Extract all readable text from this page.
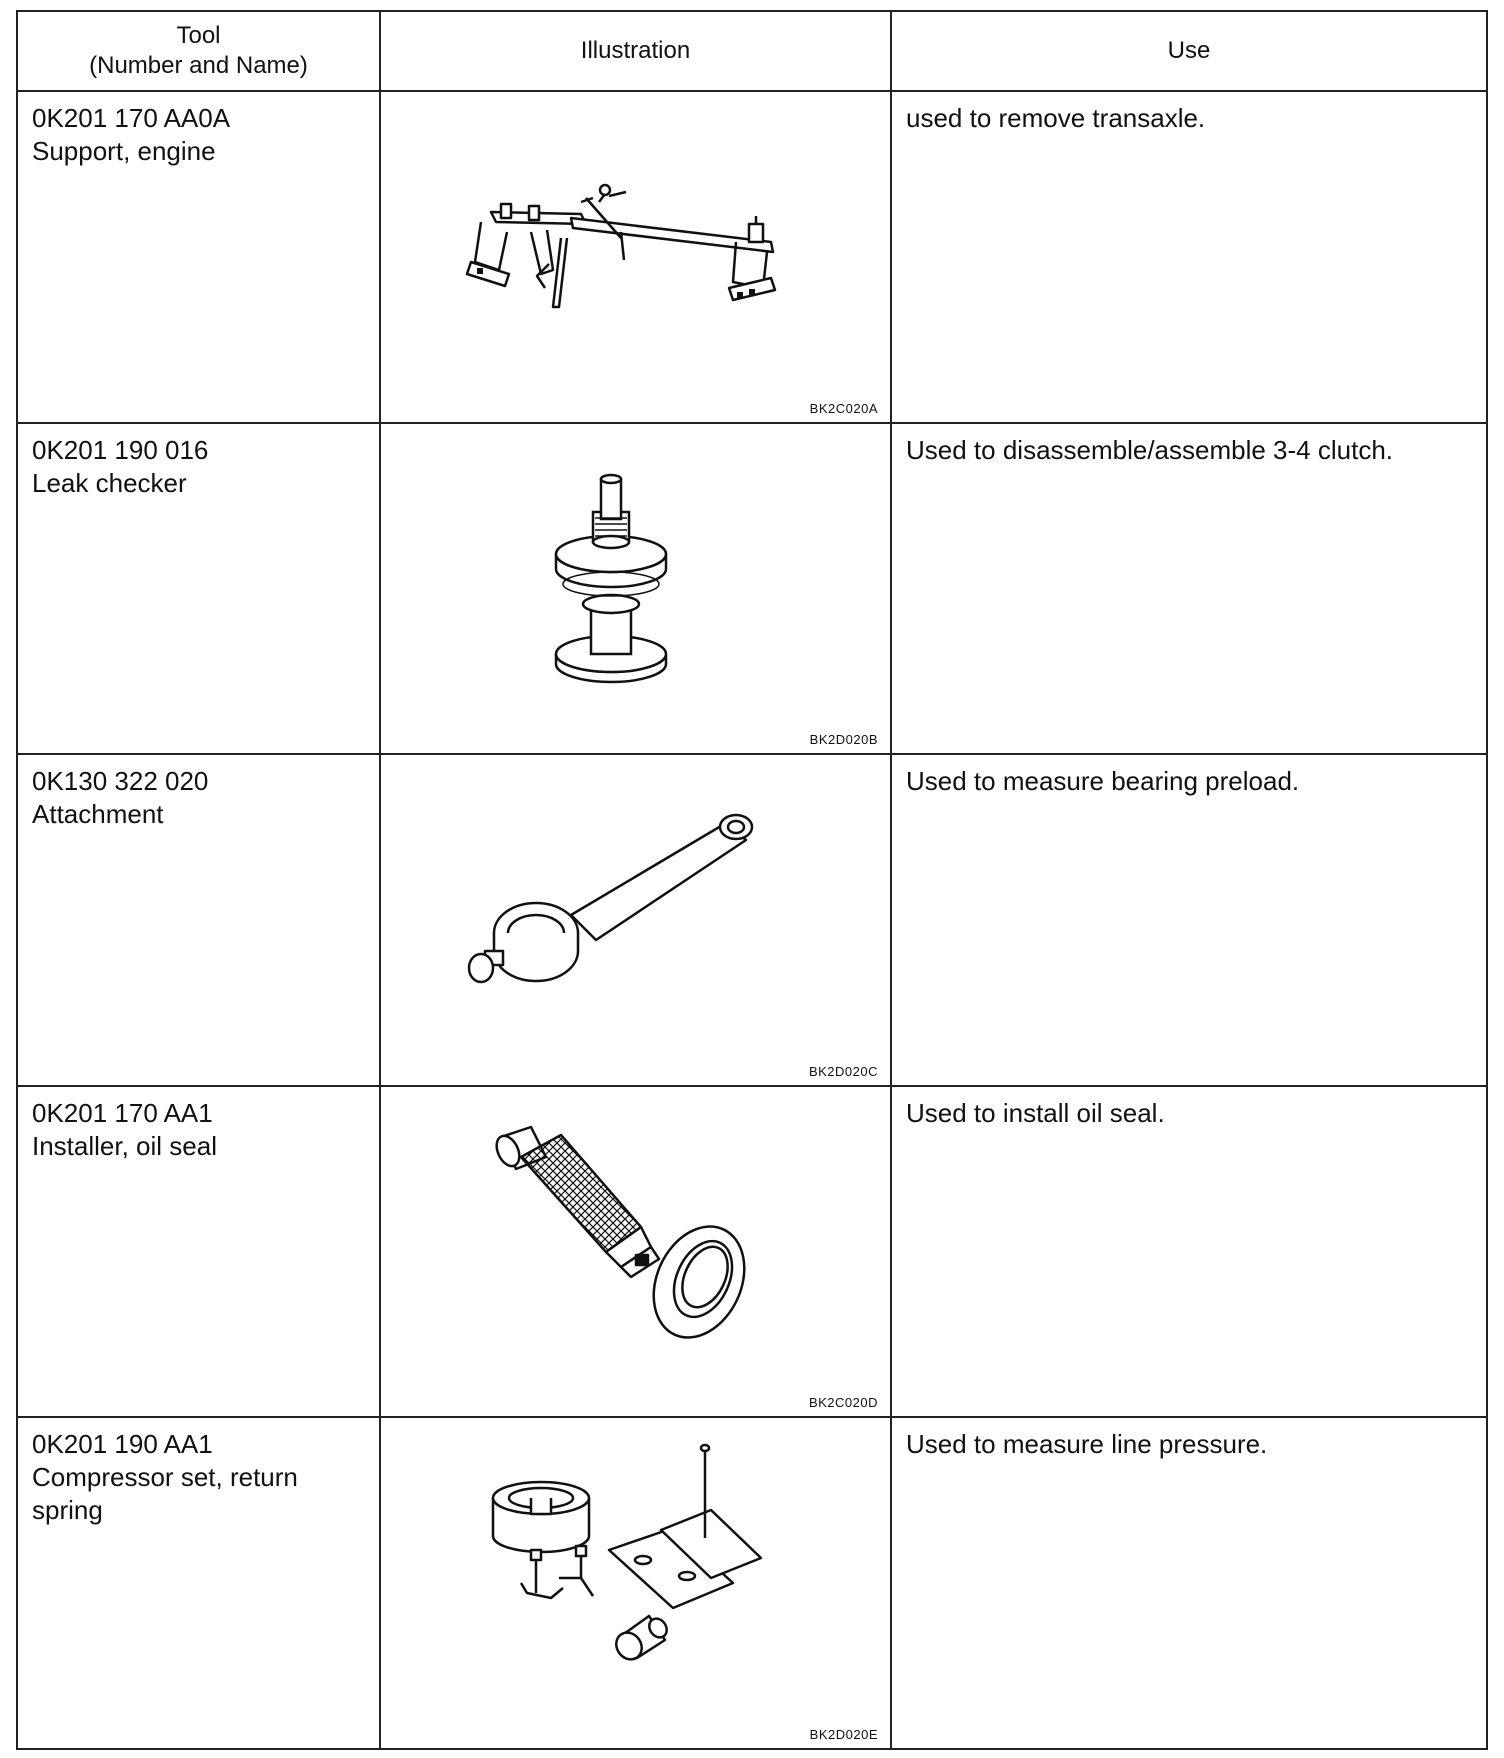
Tool
(Number and Name)	Illustration	Use

0K201 170 AA0A
Support, engine	BK2C020A	used to remove transaxle.

0K201 190 016
Leak checker	BK2D020B	Used to disassemble/assemble 3-4 clutch.

0K130 322 020
Attachment	BK2D020C	Used to measure bearing preload.

0K201 170 AA1
Installer, oil seal	BK2C020D	Used to install oil seal.

0K201 190 AA1
Compressor set, return spring	BK2D020E	Used to measure line pressure.
